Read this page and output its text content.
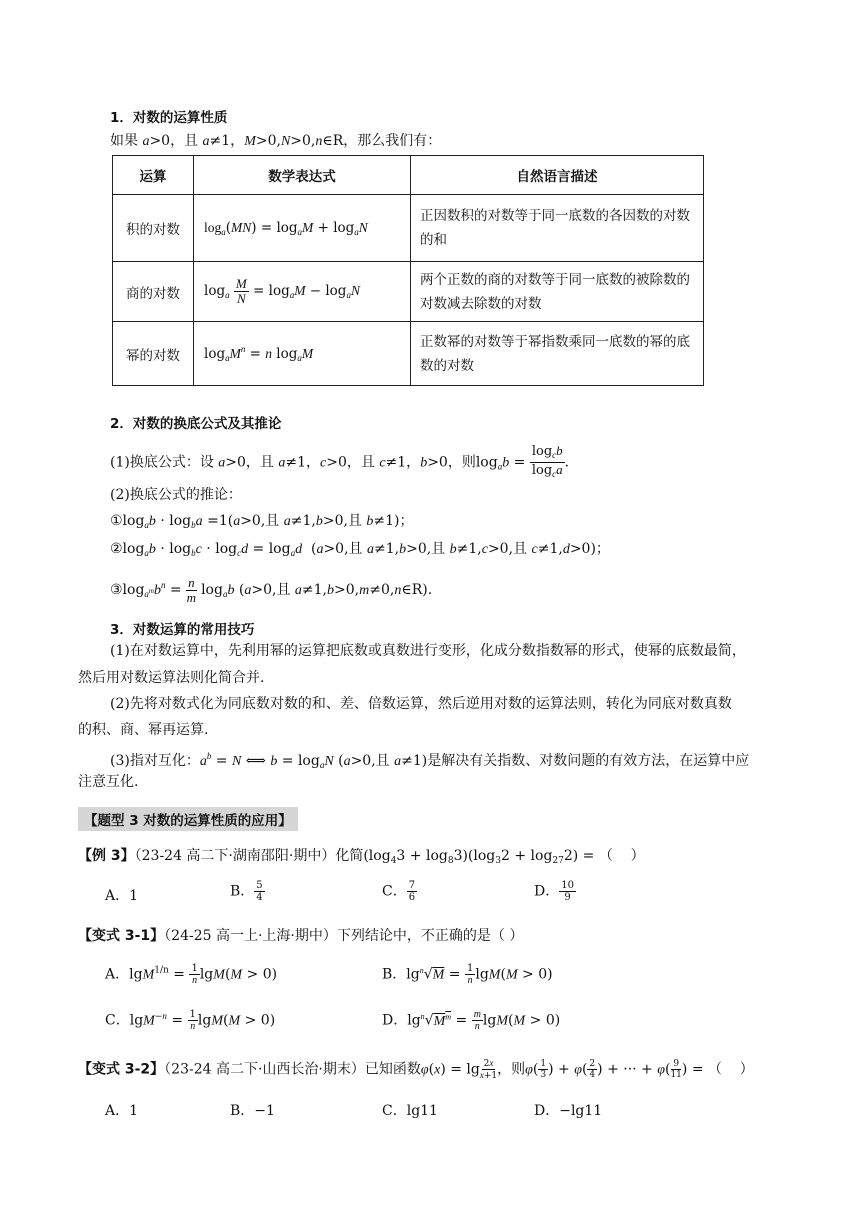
1．对数的运算性质
如果 a>0，且 a≠1，M>0,N>0,n∈R，那么我们有：
运算	数学表达式	自然语言描述
积的对数	$\log_a(MN) = \log_aM + \log_aN$	正因数积的对数等于同一底数的各因数的对数的和
商的对数	$\log_a \frac{M}{N} = \log_aM - \log_aN$	两个正数的商的对数等于同一底数的被除数的对数减去除数的对数
幂的对数	$\log_aM^n = n$ $\log_aM$	正数幂的对数等于幂指数乘同一底数的幂的底数的对数
2．对数的换底公式及其推论
(1)换底公式：设 a>0，且 a≠1，c>0，且 c≠1，b>0，则$\log_ab = \frac{\log_cb}{\log_ca}$ .
(2)换底公式的推论：
$①\log_ab \cdot \log_ba =1(a>0$,且 a≠1,b>0,且 b≠1)；
$②\log_ab \cdot \log_bc \cdot \log_cd = \log_ad$  (a>0,且 a≠1,b>0,且 b≠1,c>0,且 c≠1,d>0)；
$③\log_{a^m}b^n = \frac{n}{m} \log_ab$ (a>0,且 a≠1,b>0,m≠0,n∈R).
3．对数运算的常用技巧
(1)在对数运算中，先利用幂的运算把底数或真数进行变形，化成分数指数幂的形式，使幂的底数最简，
然后用对数运算法则化简合并.
(2)先将对数式化为同底数对数的和、差、倍数运算，然后逆用对数的运算法则，转化为同底对数真数
的积、商、幂再运算.
(3)指对互化：$a^b = N$ ⟺ $b = \log_aN$ (a>0,且 a≠1)是解决有关指数、对数问题的有效方法，在运算中应
注意互化.
【题型 3 对数的运算性质的应用】
【例 3】（23-24 高二下·湖南邵阳·期中）化简$(\log_43 + \log_83)(\log_32 + \log_{27}2)$ = （    ）
A．1	B． $\frac{5}{4}$	C． $\frac{7}{6}$	D． $\frac{10}{9}$
【变式 3-1】（24-25 高一上·上海·期中）下列结论中，不正确的是（ ）
A．$\lg M^{1/n} = \frac{1}{n} \lg M(M > 0)$	B．$\lg^n√M = \frac{1}{n} \lg M(M > 0)$
C．$\lg M^{-n} = \frac{1}{n} \lg M(M > 0)$	D．$\lg^n√M^m = \frac{m}{n} \lg M(M > 0)$
【变式 3-2】（23-24 高二下·山西长治·期末）已知函数$\varphi(x) = \lg \frac{2x}{x+1}$ ，则$\varphi( \frac{1}{3}$ ) + $\varphi( \frac{2}{4}$ ) + ··· + $\varphi( \frac{9}{11}$ ) = （    ）
A．1	B．−1	C．lg11	D．−lg11
